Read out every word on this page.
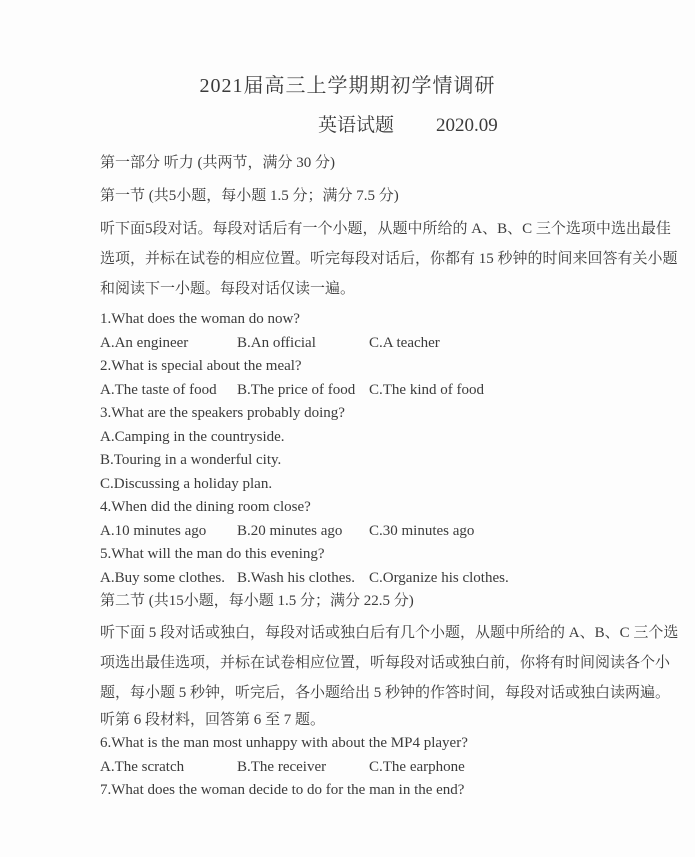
2021届高三上学期期初学情调研
英语试题 2020.09
第一部分 听力 (共两节，满分 30 分)
第一节 (共5小题，每小题 1.5 分；满分 7.5 分)
听下面5段对话。每段对话后有一个小题，从题中所给的 A、B、C 三个选项中选出最佳
选项，并标在试卷的相应位置。听完每段对话后，你都有 15 秒钟的时间来回答有关小题
和阅读下一小题。每段对话仅读一遍。
1.What does the woman do now?
A.An engineer	B.An official	C.A teacher
2.What is special about the meal?
A.The taste of food	B.The price of food C.The kind of food
3.What are the speakers probably doing?
A.Camping in the countryside.
B.Touring in a wonderful city.
C.Discussing a holiday plan.
4.When did the dining room close?
A.10 minutes ago	B.20 minutes ago	C.30 minutes ago
5.What will the man do this evening?
A.Buy some clothes. B.Wash his clothes. C.Organize his clothes.
第二节 (共15小题，每小题 1.5 分；满分 22.5 分)
听下面 5 段对话或独白，每段对话或独白后有几个小题，从题中所给的 A、B、C 三个选
项选出最佳选项，并标在试卷相应位置，听每段对话或独白前，你将有时间阅读各个小
题，每小题 5 秒钟，听完后，各小题给出 5 秒钟的作答时间，每段对话或独白读两遍。
听第 6 段材料，回答第 6 至 7 题。
6.What is the man most unhappy with about the MP4 player?
A.The scratch	B.The receiver	C.The earphone
7.What does the woman decide to do for the man in the end?
